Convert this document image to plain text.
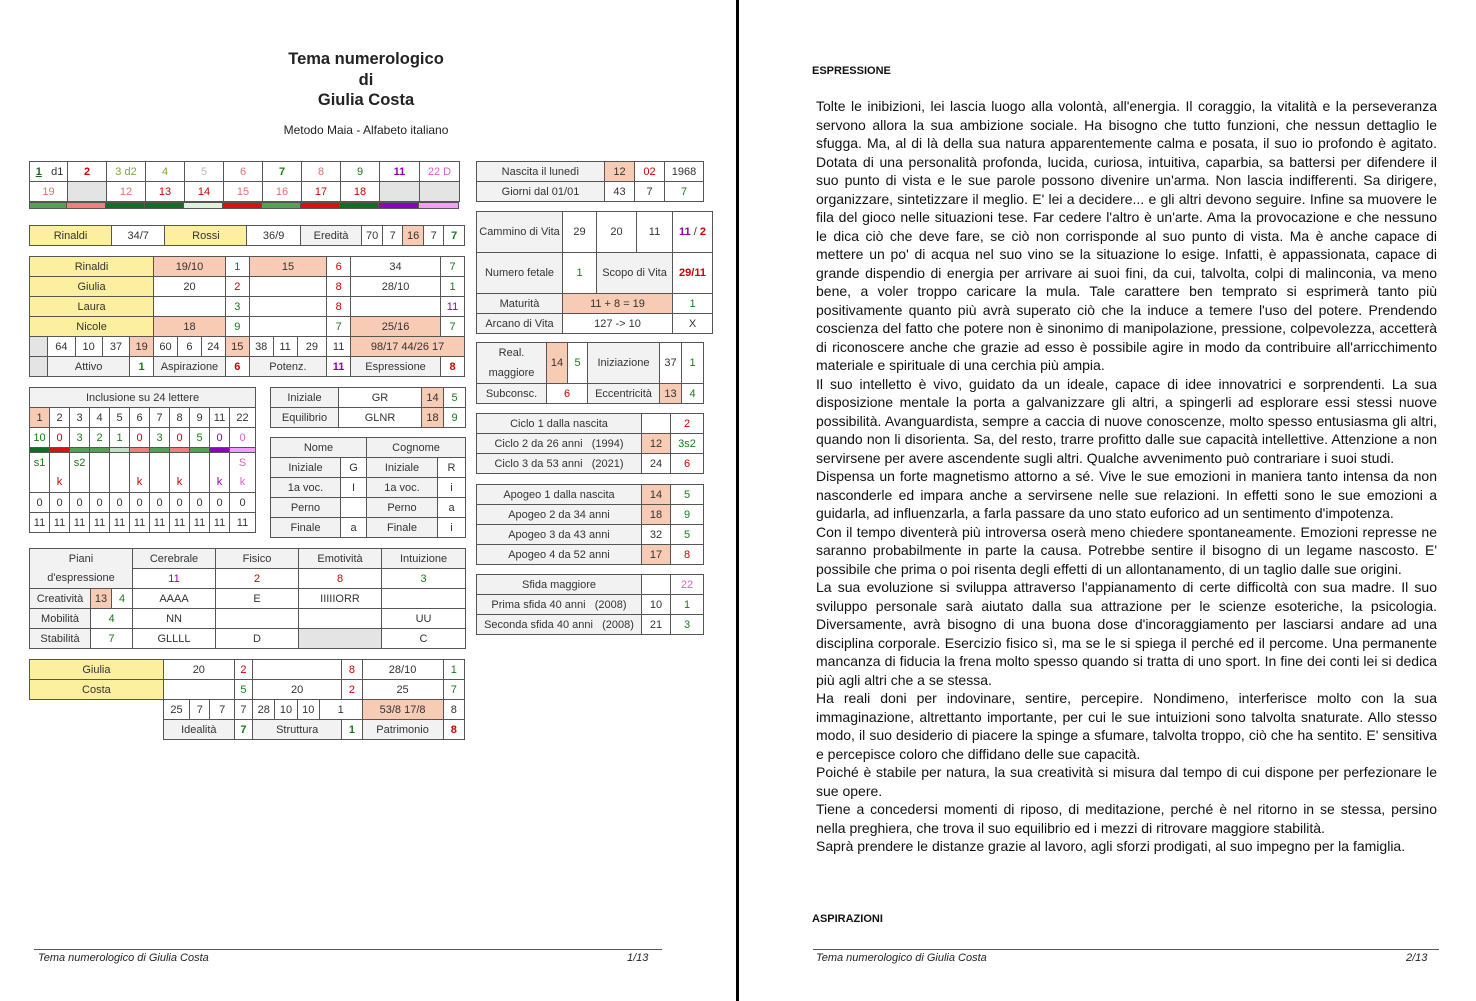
Tema numerologico
di
Giulia Costa
Metodo Maia - Alfabeto italiano
1	d1	2	3 d2	4	5	6	7	8	9	11	22 D
19			12	13	14	15	16	17	18		
Rinaldi	34/7	Rossi	36/9	Eredità	70	7	16	7	7
Rinaldi					19/10			1	15			6	34	7
Giulia					20			2				8	28/10	1
Laura								3				8		11
Nicole					18			9				7	25/16	7
	64	10	37	19	60	6	24	15	38	11	29	11	98/17 44/26 17	
	Attivo			1	Aspirazione			6	Potenz.			11	Espressione	8
Inclusione su 24 lettere										
1	2	3	4	5	6	7	8	9	11	22
10	0	3	2	1	0	3	0	5	0	0

s1		s2								S
	k				k		k		k	k
0	0	0	0	0	0	0	0	0	0	0
11	11	11	11	11	11	11	11	11	11	11
Iniziale	GR	14	5
Equilibrio	GLNR	18	9
Nome		Cognome	
Iniziale	G	Iniziale	R
1a voc.	I	1a voc.	i
Perno		Perno	a
Finale	a	Finale	i
Piani			Cerebrale	Fisico	Emotività	Intuizione
d'espressione			11	2	8	3
Creatività	13	4	AAAA	E	IIIIIORR	
Mobilità	4		NN			UU
Stabilità	7		GLLLL	D		C
Giulia	20			2					8	28/10	1
Costa				5	20				2	25	7
	25	7	7	7	28	10	10	1		53/8 17/8	8
	Idealità			7	Struttura				1	Patrimonio	8
Nascita il lunedì	12	02	1968
Giorni dal 01/01	43	7	7
Cammino di Vita	29	20	11	11 / 2
Numero fetale	1	Scopo di Vita		29/11
Maturità	11 + 8 = 19			1
Arcano di Vita	127 -> 10			X
Real. maggiore	14	5	Iniziazione	37	1
Subconsc.	6		Eccentricità	13	4
Ciclo 1 dalla nascita		2
Ciclo 2 da 26 anni (1994)	12	3s2
Ciclo 3 da 53 anni (2021)	24	6
Apogeo 1 dalla nascita	14	5
Apogeo 2 da 34 anni	18	9
Apogeo 3 da 43 anni	32	5
Apogeo 4 da 52 anni	17	8
Sfida maggiore		22
Prima sfida 40 anni (2008)	10	1
Seconda sfida 40 anni (2008)	21	3
Tema numerologico di Giulia Costa	1/13
ESPRESSIONE

Tolte le inibizioni, lei lascia luogo alla volontà, all'energia. Il coraggio, la vitalità e la perseveranza servono allora la sua ambizione sociale. Ha bisogno che tutto funzioni, che nessun dettaglio le sfugga. Ma, al di là della sua natura apparentemente calma e posata, il suo io profondo è agitato. Dotata di una personalità profonda, lucida, curiosa, intuitiva, caparbia, sa battersi per difendere il suo punto di vista e le sue parole possono divenire un'arma. Non lascia indifferenti. Sa dirigere, organizzare, sintetizzare il meglio. E' lei a decidere... e gli altri devono seguire. Infine sa muovere le fila del gioco nelle situazioni tese. Far cedere l'altro è un'arte. Ama la provocazione e che nessuno le dica ciò che deve fare, se ciò non corrisponde al suo punto di vista. Ma è anche capace di mettere un po' di acqua nel suo vino se la situazione lo esige. Infatti, è appassionata, capace di grande dispendio di energia per arrivare ai suoi fini, da cui, talvolta, colpi di malinconia, va meno bene, a voler troppo caricare la mula. Tale carattere ben temprato si esprimerà tanto più positivamente quanto più avrà superato ciò che la induce a temere l'uso del potere. Prendendo coscienza del fatto che potere non è sinonimo di manipolazione, pressione, colpevolezza, accetterà di riconoscere anche che grazie ad esso è possibile agire in modo da contribuire all'arricchimento materiale e spirituale di una cerchia più ampia.

Il suo intelletto è vivo, guidato da un ideale, capace di idee innovatrici e sorprendenti. La sua disposizione mentale la porta a galvanizzare gli altri, a spingerli ad esplorare essi stessi nuove possibilità. Avanguardista, sempre a caccia di nuove conoscenze, molto spesso entusiasma gli altri, quando non li disorienta. Sa, del resto, trarre profitto dalle sue capacità intellettive. Attenzione a non servirsene per avere ascendente sugli altri. Qualche avvenimento può contrariare i suoi studi.

Dispensa un forte magnetismo attorno a sé. Vive le sue emozioni in maniera tanto intensa da non nasconderle ed impara anche a servirsene nelle sue relazioni. In effetti sono le sue emozioni a guidarla, ad influenzarla, a farla passare da uno stato euforico ad un sentimento d'impotenza.

Con il tempo diventerà più introversa oserà meno chiedere spontaneamente. Emozioni represse ne saranno probabilmente in parte la causa. Potrebbe sentire il bisogno di un legame nascosto. E' possibile che prima o poi risenta degli effetti di un allontanamento, di un taglio dalle sue origini.

La sua evoluzione si sviluppa attraverso l'appianamento di certe difficoltà con sua madre. Il suo sviluppo personale sarà aiutato dalla sua attrazione per le scienze esoteriche, la psicologia. Diversamente, avrà bisogno di una buona dose d'incoraggiamento per lasciarsi andare ad una disciplina corporale. Esercizio fisico sì, ma se le si spiega il perché ed il percome. Una permanente mancanza di fiducia la frena molto spesso quando si tratta di uno sport. In fine dei conti lei si dedica più agli altri che a se stessa.

Ha reali doni per indovinare, sentire, percepire. Nondimeno, interferisce molto con la sua immaginazione, altrettanto importante, per cui le sue intuizioni sono talvolta snaturate. Allo stesso modo, il suo desiderio di piacere la spinge a sfumare, talvolta troppo, ciò che ha sentito. E' sensitiva e percepisce coloro che diffidano delle sue capacità.

Poiché è stabile per natura, la sua creatività si misura dal tempo di cui dispone per perfezionare le sue opere.

Tiene a concedersi momenti di riposo, di meditazione, perché è nel ritorno in se stessa, persino nella preghiera, che trova il suo equilibrio ed i mezzi di ritrovare maggiore stabilità.

Saprà prendere le distanze grazie al lavoro, agli sforzi prodigati, al suo impegno per la famiglia.

ASPIRAZIONI
Tema numerologico di Giulia Costa	2/13
